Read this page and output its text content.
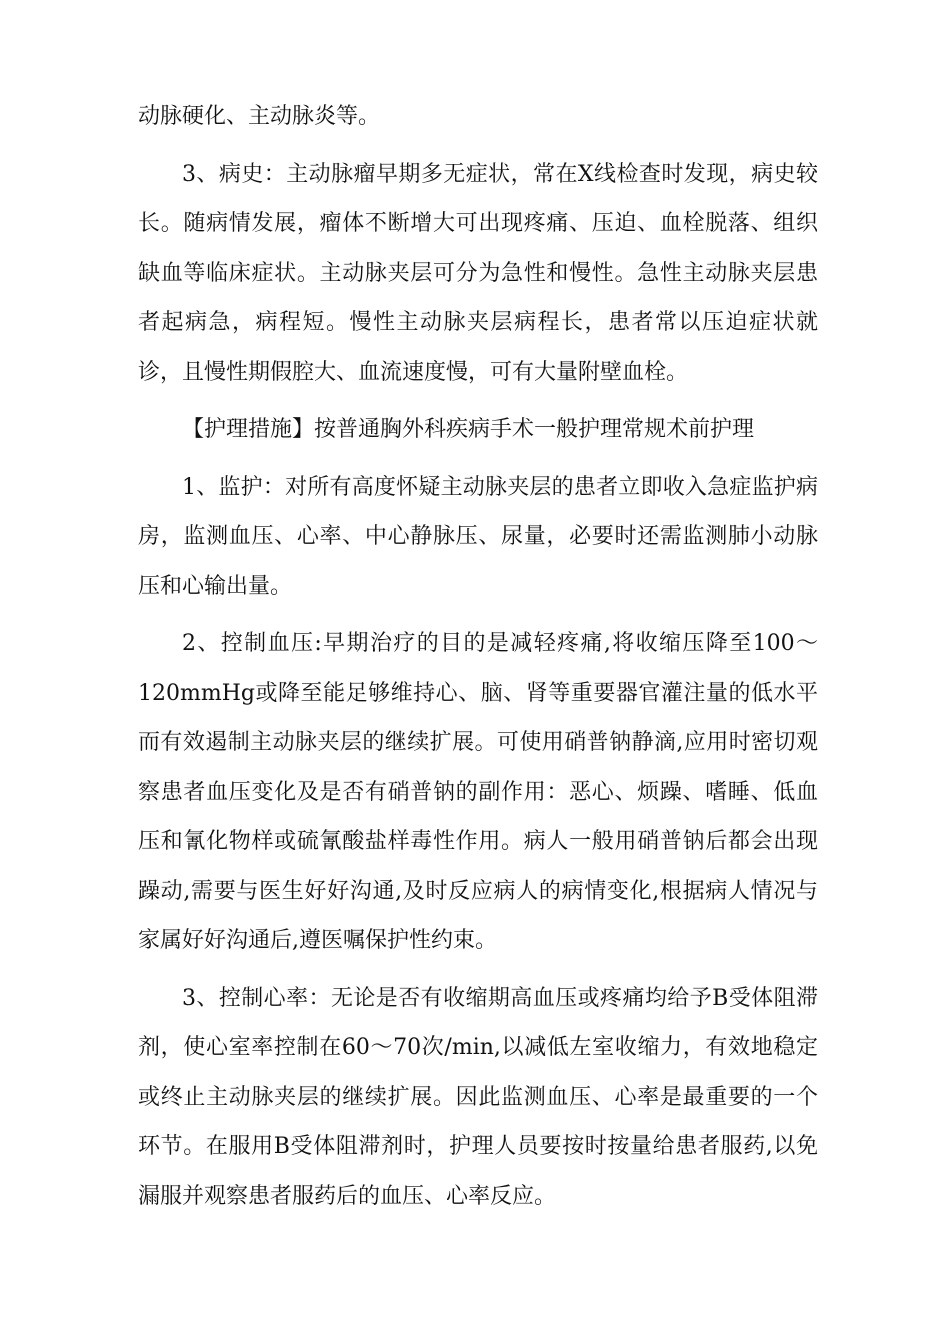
动脉硬化、主动脉炎等。

3、病史：主动脉瘤早期多无症状，常在X线检查时发现，病史较长。随病情发展，瘤体不断增大可出现疼痛、压迫、血栓脱落、组织缺血等临床症状。主动脉夹层可分为急性和慢性。急性主动脉夹层患者起病急，病程短。慢性主动脉夹层病程长，患者常以压迫症状就诊，且慢性期假腔大、血流速度慢，可有大量附壁血栓。

【护理措施】按普通胸外科疾病手术一般护理常规术前护理

1、监护：对所有高度怀疑主动脉夹层的患者立即收入急症监护病房，监测血压、心率、中心静脉压、尿量，必要时还需监测肺小动脉压和心输出量。

2、控制血压:早期治疗的目的是减轻疼痛,将收缩压降至100～120mmHg或降至能足够维持心、脑、肾等重要器官灌注量的低水平而有效遏制主动脉夹层的继续扩展。可使用硝普钠静滴,应用时密切观察患者血压变化及是否有硝普钠的副作用：恶心、烦躁、嗜睡、低血压和氰化物样或硫氰酸盐样毒性作用。病人一般用硝普钠后都会出现躁动,需要与医生好好沟通,及时反应病人的病情变化,根据病人情况与家属好好沟通后,遵医嘱保护性约束。

3、控制心率：无论是否有收缩期高血压或疼痛均给予Β受体阻滞剂，使心室率控制在60～70次/min,以减低左室收缩力，有效地稳定或终止主动脉夹层的继续扩展。因此监测血压、心率是最重要的一个环节。在服用Β受体阻滞剂时，护理人员要按时按量给患者服药,以免漏服并观察患者服药后的血压、心率反应。
